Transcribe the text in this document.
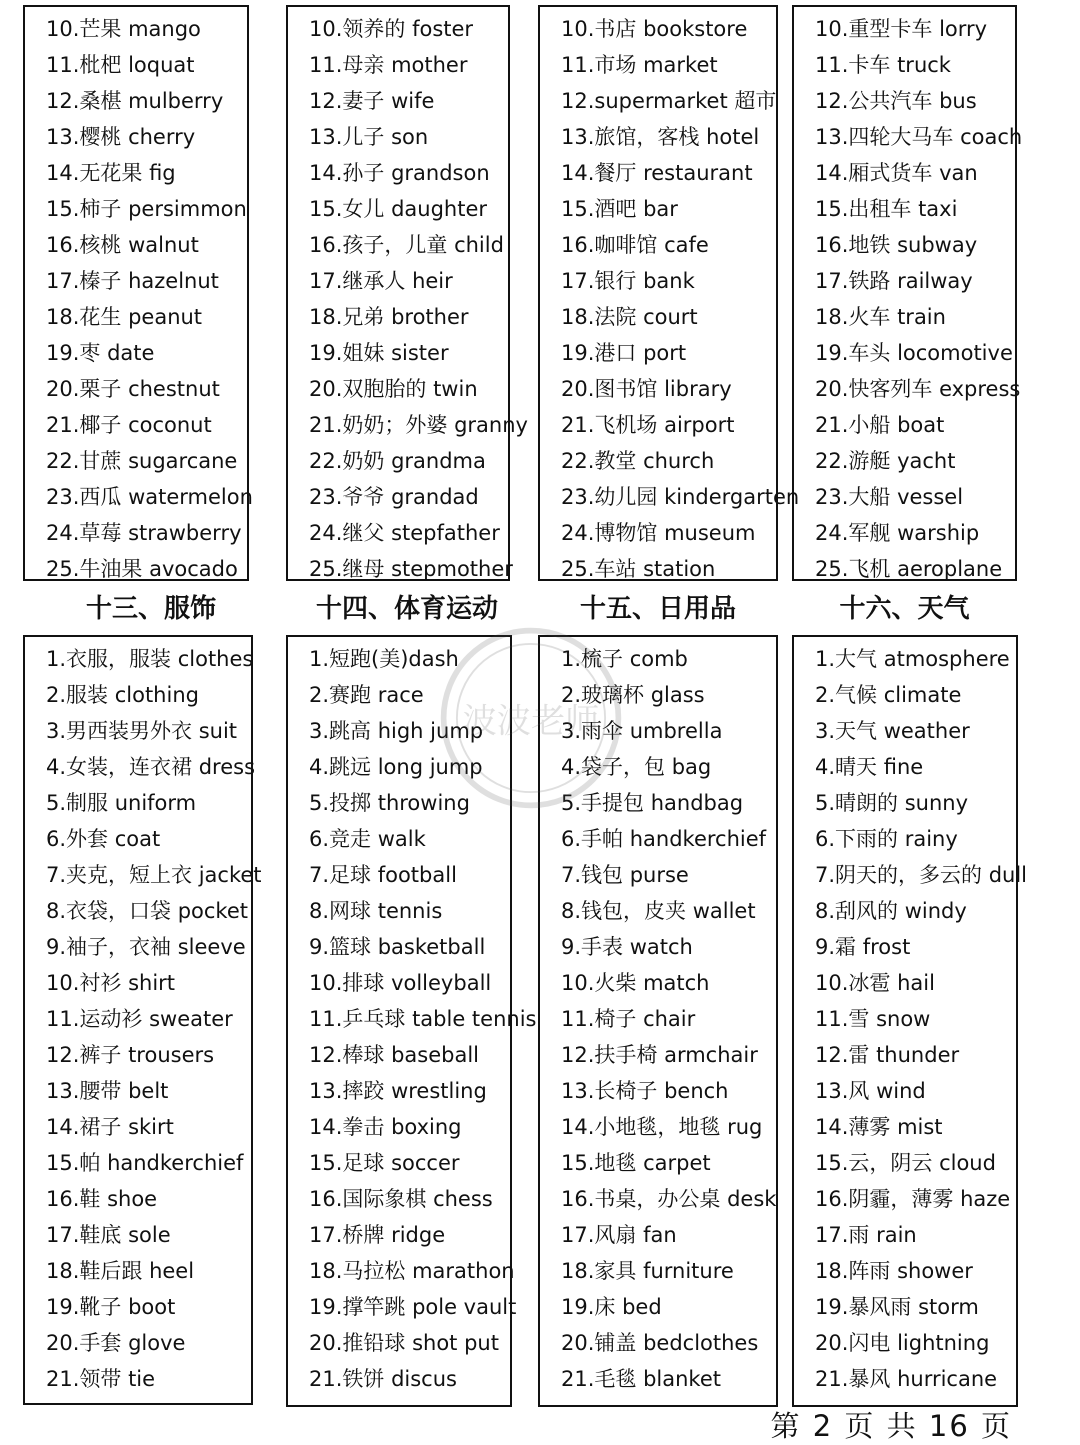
10.芒果 mango
11.枇杷 loquat
12.桑椹 mulberry
13.樱桃 cherry
14.无花果 fig
15.柿子 persimmon
16.核桃 walnut
17.榛子 hazelnut
18.花生 peanut
19.枣 date
20.栗子 chestnut
21.椰子 coconut
22.甘蔗 sugarcane
23.西瓜 watermelon
24.草莓 strawberry
25.牛油果 avocado
10.领养的 foster
11.母亲 mother
12.妻子 wife
13.儿子 son
14.孙子 grandson
15.女儿 daughter
16.孩子，儿童 child
17.继承人 heir
18.兄弟 brother
19.姐妹 sister
20.双胞胎的 twin
21.奶奶；外婆 granny
22.奶奶 grandma
23.爷爷 grandad
24.继父 stepfather
25.继母 stepmother
10.书店 bookstore
11.市场 market
12.supermarket 超市
13.旅馆，客栈 hotel
14.餐厅 restaurant
15.酒吧 bar
16.咖啡馆 cafe
17.银行 bank
18.法院 court
19.港口 port
20.图书馆 library
21.飞机场 airport
22.教堂 church
23.幼儿园 kindergarten
24.博物馆 museum
25.车站 station
10.重型卡车 lorry
11.卡车 truck
12.公共汽车 bus
13.四轮大马车 coach
14.厢式货车 van
15.出租车 taxi
16.地铁 subway
17.铁路 railway
18.火车 train
19.车头 locomotive
20.快客列车 express
21.小船 boat
22.游艇 yacht
23.大船 vessel
24.军舰 warship
25.飞机 aeroplane
十三、服饰	十四、体育运动	十五、日用品	十六、天气
1.衣服，服装 clothes
2.服装 clothing
3.男西装男外衣 suit
4.女装，连衣裙 dress
5.制服 uniform
6.外套 coat
7.夹克，短上衣 jacket
8.衣袋，口袋 pocket
9.袖子，衣袖 sleeve
10.衬衫 shirt
11.运动衫 sweater
12.裤子 trousers
13.腰带 belt
14.裙子 skirt
15.帕 handkerchief
16.鞋 shoe
17.鞋底 sole
18.鞋后跟 heel
19.靴子 boot
20.手套 glove
21.领带 tie
1.短跑(美)dash
2.赛跑 race
3.跳高 high jump
4.跳远 long jump
5.投掷 throwing
6.竞走 walk
7.足球 football
8.网球 tennis
9.篮球 basketball
10.排球 volleyball
11.乒乓球 table tennis
12.棒球 baseball
13.摔跤 wrestling
14.拳击 boxing
15.足球 soccer
16.国际象棋 chess
17.桥牌 ridge
18.马拉松 marathon
19.撑竿跳 pole vault
20.推铅球 shot put
21.铁饼 discus
1.梳子 comb
2.玻璃杯 glass
3.雨伞 umbrella
4.袋子，包 bag
5.手提包 handbag
6.手帕 handkerchief
7.钱包 purse
8.钱包，皮夹 wallet
9.手表 watch
10.火柴 match
11.椅子 chair
12.扶手椅 armchair
13.长椅子 bench
14.小地毯，地毯 rug
15.地毯 carpet
16.书桌，办公桌 desk
17.风扇 fan
18.家具 furniture
19.床 bed
20.铺盖 bedclothes
21.毛毯 blanket
1.大气 atmosphere
2.气候 climate
3.天气 weather
4.晴天 fine
5.晴朗的 sunny
6.下雨的 rainy
7.阴天的，多云的 dull
8.刮风的 windy
9.霜 frost
10.冰雹 hail
11.雪 snow
12.雷 thunder
13.风 wind
14.薄雾 mist
15.云，阴云 cloud
16.阴霾，薄雾 haze
17.雨 rain
18.阵雨 shower
19.暴风雨 storm
20.闪电 lightning
21.暴风 hurricane
波波老师
第 2 页 共 16 页
